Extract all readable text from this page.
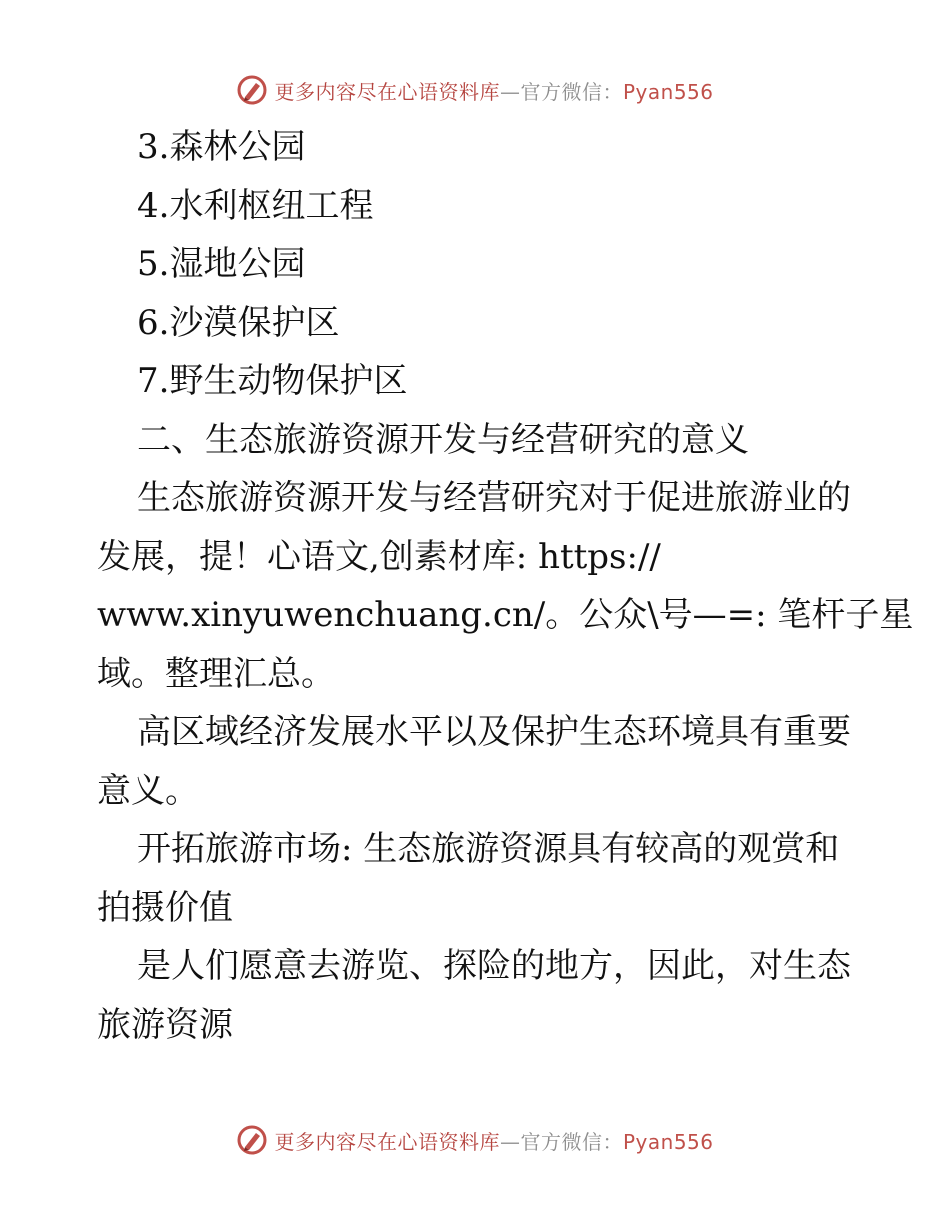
更多内容尽在心语资料库—官方微信：Pyan556
3.森林公园
4.水利枢纽工程
5.湿地公园
6.沙漠保护区
7.野生动物保护区
二、生态旅游资源开发与经营研究的意义
生态旅游资源开发与经营研究对于促进旅游业的
发展，提！心语文,创素材库: https://
www.xinyuwenchuang.cn/。公众\号—=: 笔杆子星
域。整理汇总。
高区域经济发展水平以及保护生态环境具有重要
意义。
开拓旅游市场: 生态旅游资源具有较高的观赏和
拍摄价值
是人们愿意去游览、探险的地方，因此，对生态
旅游资源
更多内容尽在心语资料库—官方微信：Pyan556
